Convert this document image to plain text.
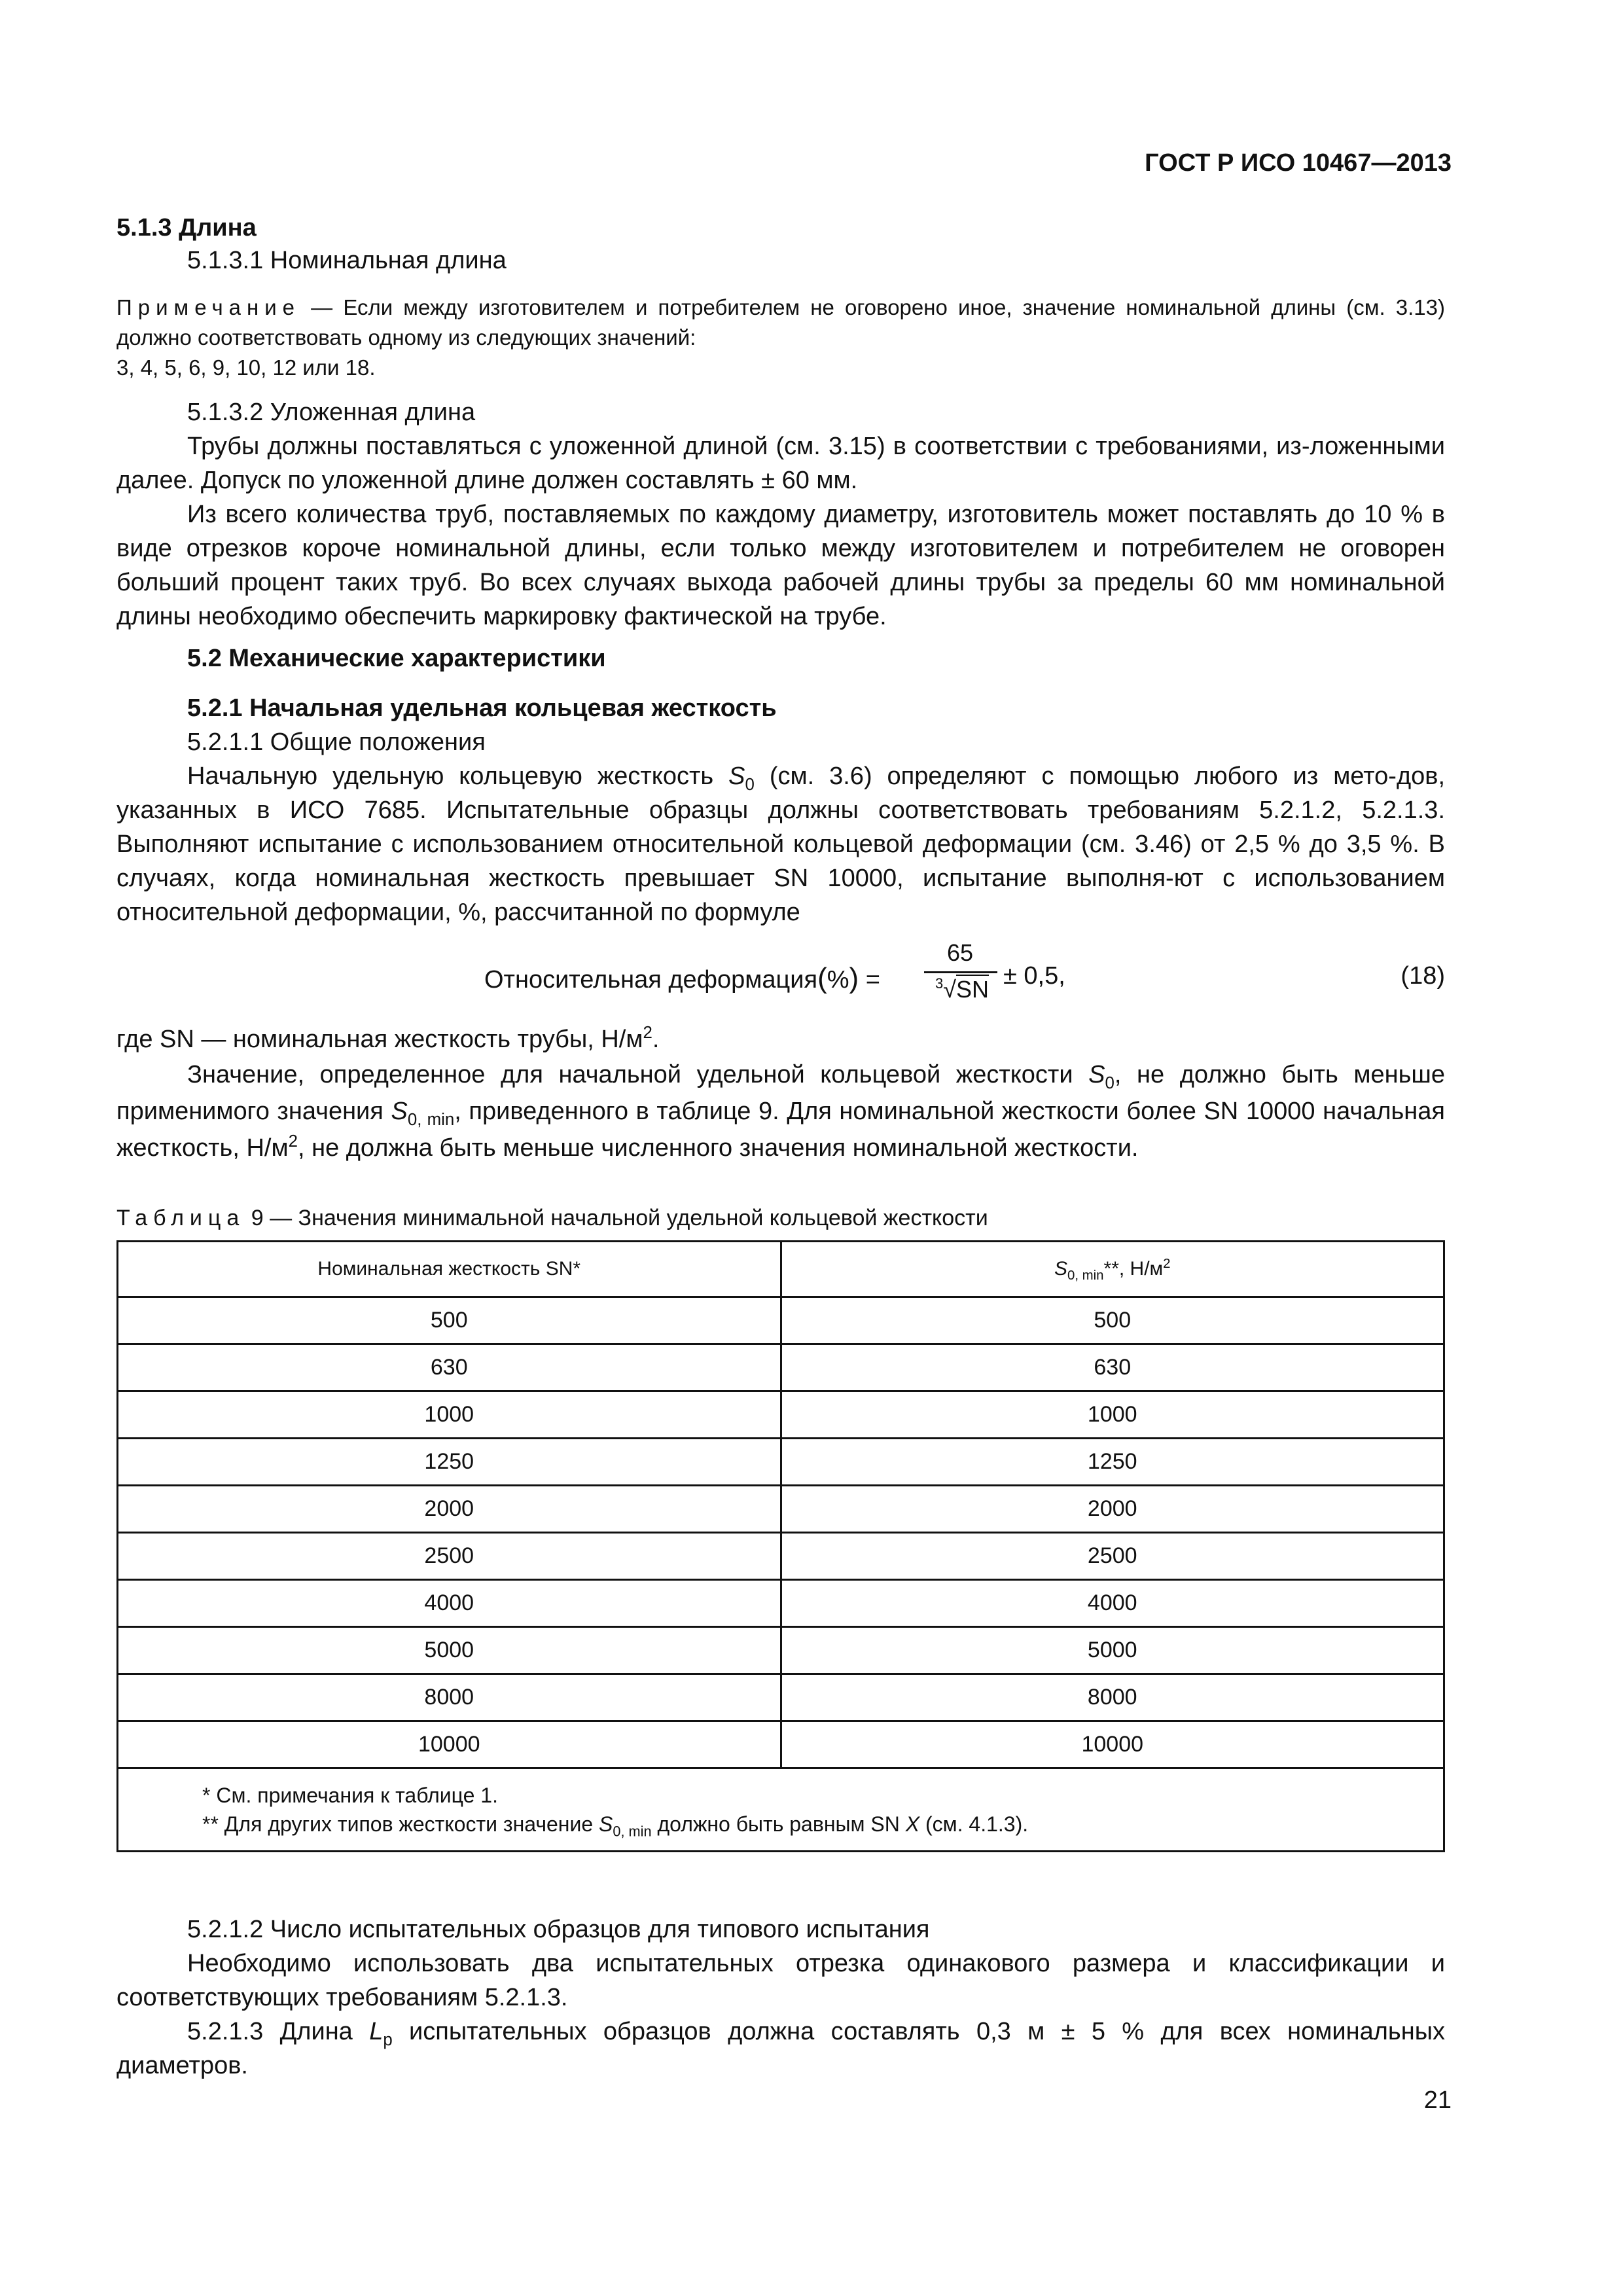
ГОСТ Р ИСО 10467—2013
5.1.3 Длина
5.1.3.1 Номинальная длина
Примечание — Если между изготовителем и потребителем не оговорено иное, значение номинальной длины (см. 3.13) должно соответствовать одному из следующих значений:
3, 4, 5, 6, 9, 10, 12 или 18.
5.1.3.2 Уложенная длина
Трубы должны поставляться с уложенной длиной (см. 3.15) в соответствии с требованиями, из-ложенными далее. Допуск по уложенной длине должен составлять ± 60 мм.
Из всего количества труб, поставляемых по каждому диаметру, изготовитель может поставлять до 10 % в виде отрезков короче номинальной длины, если только между изготовителем и потребителем не оговорен больший процент таких труб. Во всех случаях выхода рабочей длины трубы за пределы 60 мм номинальной длины необходимо обеспечить маркировку фактической на трубе.
5.2 Механические характеристики
5.2.1 Начальная удельная кольцевая жесткость
5.2.1.1 Общие положения
Начальную удельную кольцевую жесткость $S_0$ (см. 3.6) определяют с помощью любого из мето-дов, указанных в ИСО 7685. Испытательные образцы должны соответствовать требованиям 5.2.1.2, 5.2.1.3. Выполняют испытание с использованием относительной кольцевой деформации (см. 3.46) от 2,5 % до 3,5 %. В случаях, когда номинальная жесткость превышает SN 10000, испытание выполня-ют с использованием относительной деформации, %, рассчитанной по формуле
Относительная деформация(%) =
65
$^3$√SN ± 0,5,	(18)
где SN — номинальная жесткость трубы, $Н/м^2$.
Значение, определенное для начальной удельной кольцевой жесткости $S_0$, не должно быть меньше применимого значения $S_{0, min}$, приведенного в таблице 9. Для номинальной жесткости более SN 10000 начальная жесткость, $Н/м^2$, не должна быть меньше численного значения номинальной жесткости.
Таблица 9 — Значения минимальной начальной удельной кольцевой жесткости
Номинальная жесткость SN*	$S_{0, min}**$, $Н/м^2$
500	500
630	630
1000	1000
1250	1250
2000	2000
2500	2500
4000	4000
5000	5000
8000	8000
10000	10000

* См. примечания к таблице 1.
** Для других типов жесткости значение $S_{0, min}$ должно быть равным SN X (см. 4.1.3).	
5.2.1.2 Число испытательных образцов для типового испытания
Необходимо использовать два испытательных отрезка одинакового размера и классификации и соответствующих требованиям 5.2.1.3.
5.2.1.3 Длина $L_p$ испытательных образцов должна составлять 0,3 м ± 5 % для всех номинальных диаметров.
21
